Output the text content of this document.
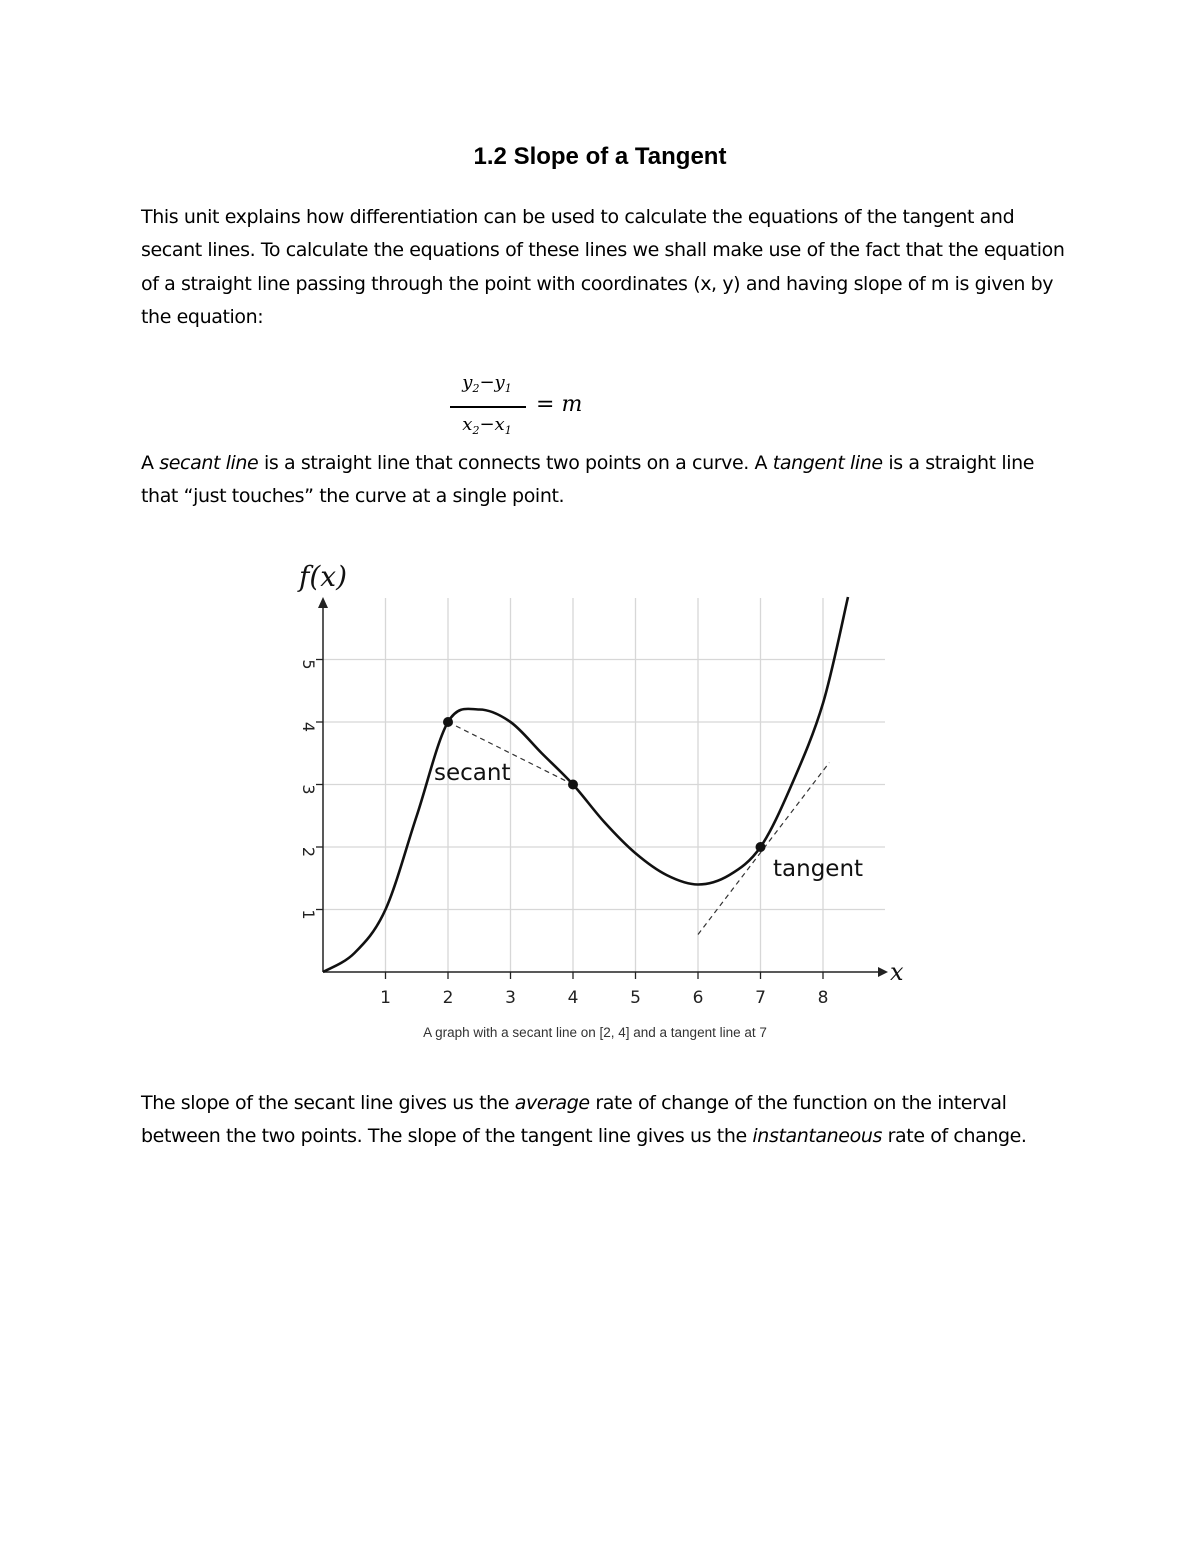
1.2 Slope of a Tangent
This unit explains how differentiation can be used to calculate the equations of the tangent and secant lines. To calculate the equations of these lines we shall make use of the fact that the equation of a straight line passing through the point with coordinates (x, y) and having slope of m is given by the equation:
$y_2-y_1$
$x_2-x_1$
= m
A secant line is a straight line that connects two points on a curve. A tangent line is a straight line that “just touches” the curve at a single point.
1	2	3	4	5	6	7	8
1
2
3
4
5
f(x)
x
secant
tangent
A graph with a secant line on [2, 4] and a tangent line at 7
The slope of the secant line gives us the average rate of change of the function on the interval between the two points. The slope of the tangent line gives us the instantaneous rate of change.
